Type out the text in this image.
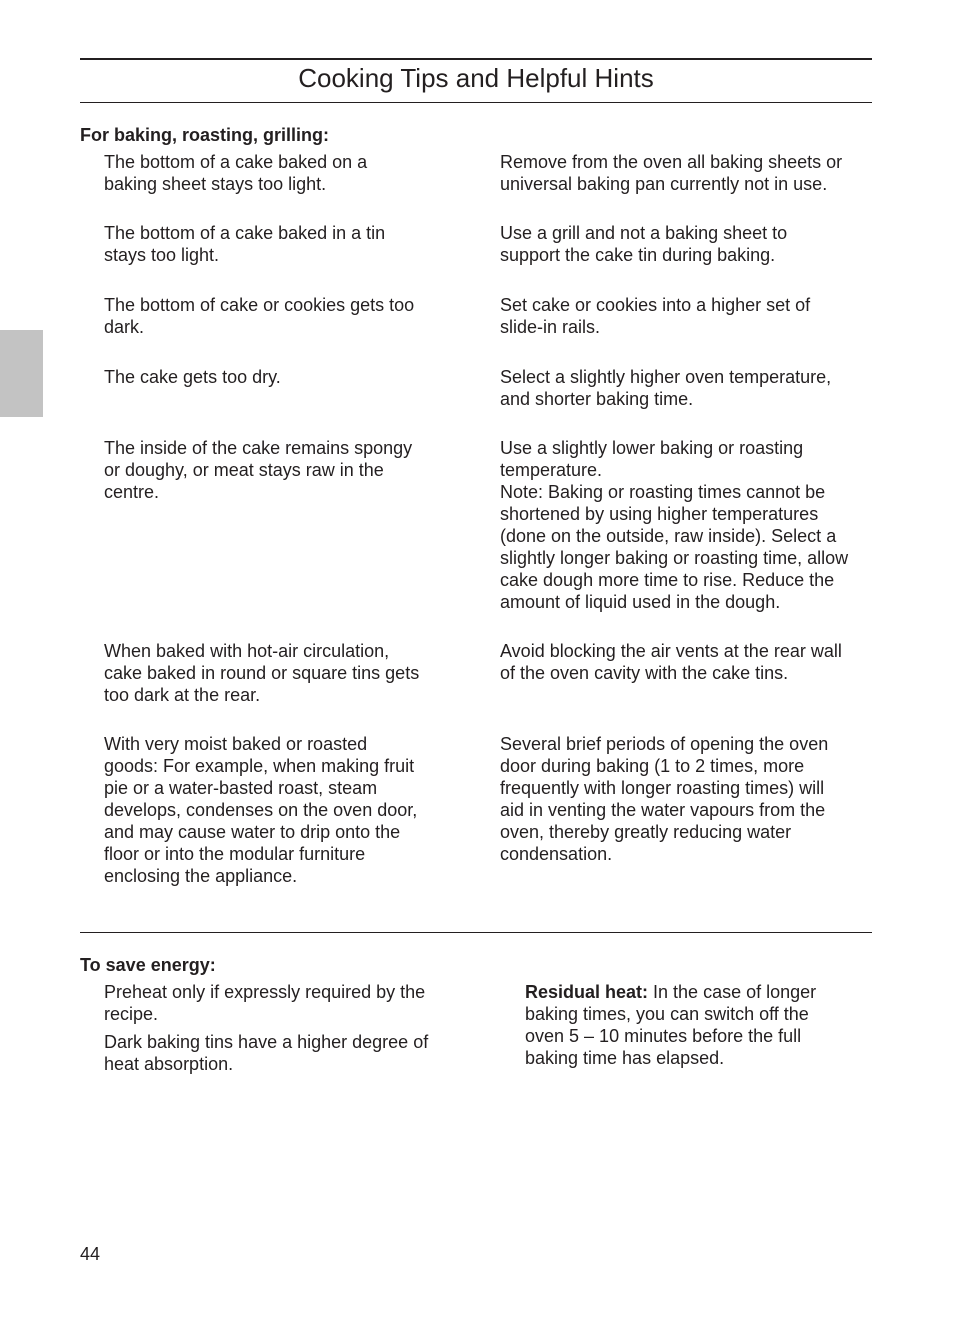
Cooking Tips and Helpful Hints
For baking, roasting, grilling:
The bottom of a cake baked on a
baking sheet stays too light.
Remove from the oven all baking sheets or
universal baking pan currently not in use.
The bottom of a cake baked in a tin
stays too light.
Use a grill and not a baking sheet to
support the cake tin during baking.
The bottom of cake or cookies gets too
dark.
Set cake or cookies into a higher set of
slide-in rails.
The cake gets too dry.	Select a slightly higher oven temperature,
and shorter baking time.
The inside of the cake remains spongy
or doughy, or meat stays raw in the
centre.
Use a slightly lower baking or roasting
temperature.
Note: Baking or roasting times cannot be
shortened by using higher temperatures
(done on the outside, raw inside). Select a
slightly longer baking or roasting time, allow
cake dough more time to rise. Reduce the
amount of liquid used in the dough.
When baked with hot-air circulation,
cake baked in round or square tins gets
too dark at the rear.
Avoid blocking the air vents at the rear wall
of the oven cavity with the cake tins.
With very moist baked or roasted
goods: For example, when making fruit
pie or a water-basted roast, steam
develops, condenses on the oven door,
and may cause water to drip onto the
floor or into the modular furniture
enclosing the appliance.
Several brief periods of opening the oven
door during baking (1 to 2 times, more
frequently with longer roasting times) will
aid in venting the water vapours from the
oven, thereby greatly reducing water
condensation.
To save energy:
Preheat only if expressly required by the
recipe.
Dark baking tins have a higher degree of
heat absorption.
Residual heat: In the case of longer
baking times, you can switch off the
oven 5 – 10 minutes before the full
baking time has elapsed.
44
